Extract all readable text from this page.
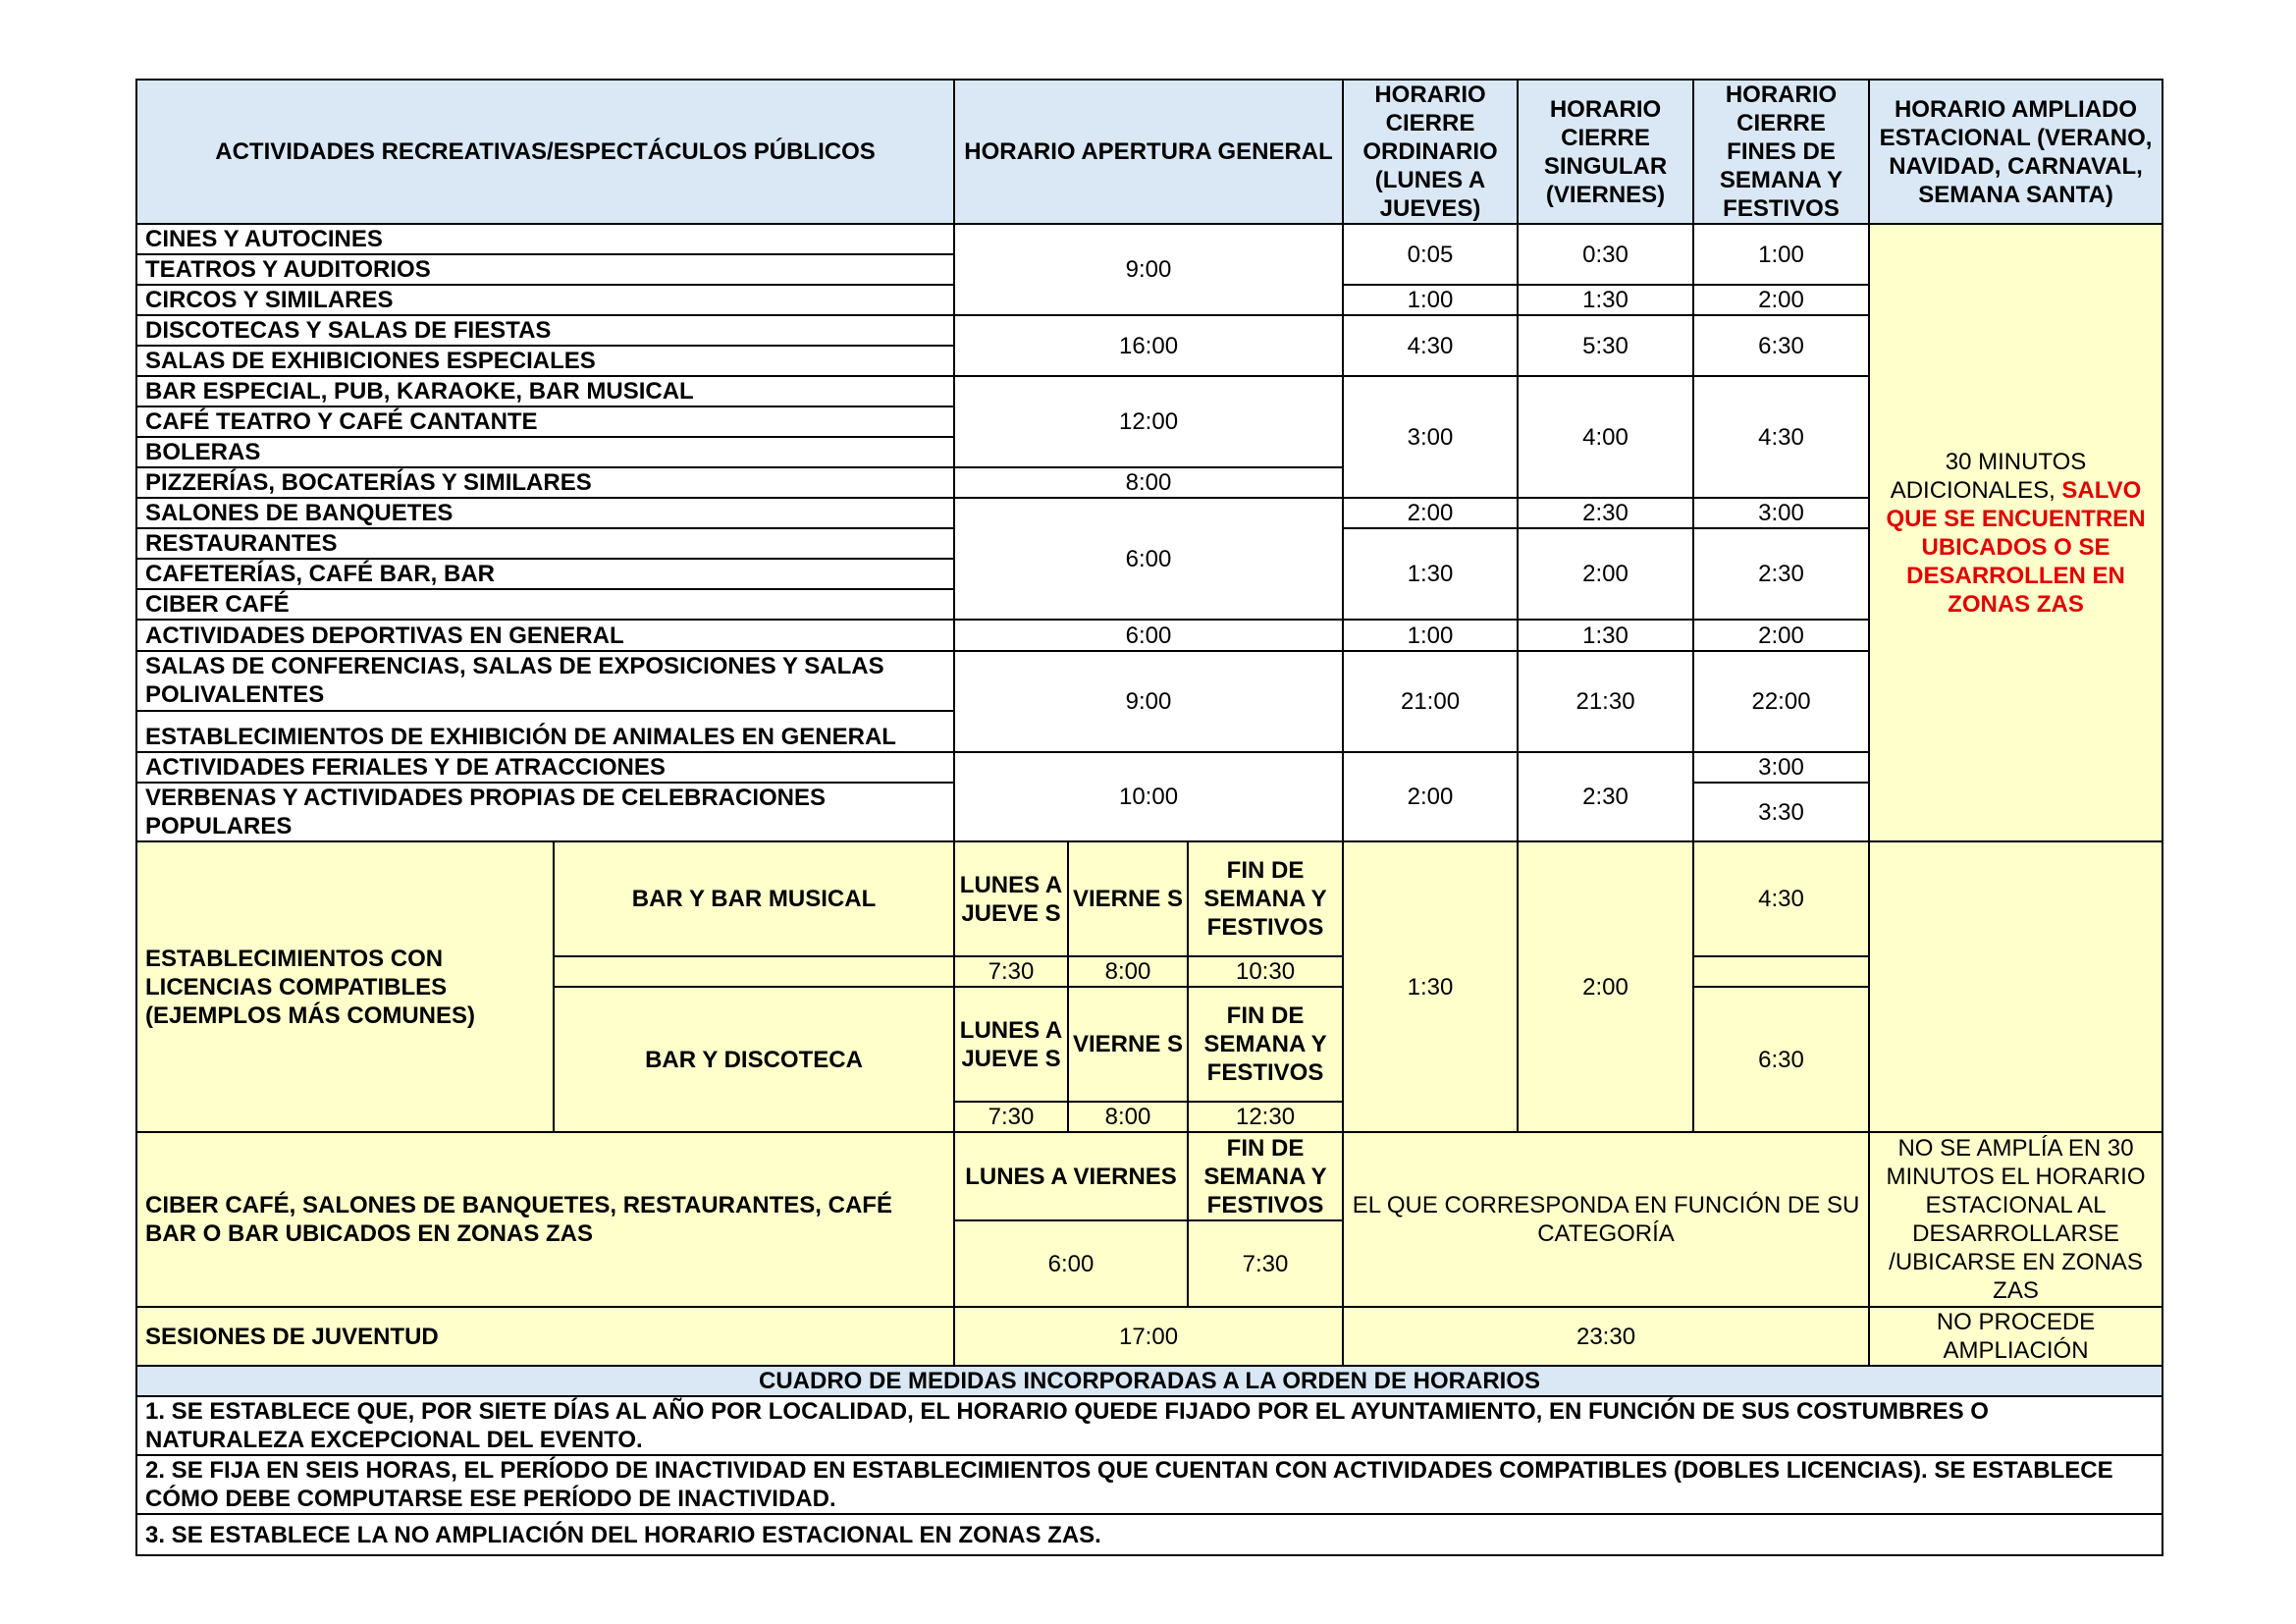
ACTIVIDADES RECREATIVAS/ESPECTÁCULOS PÚBLICOS		HORARIO APERTURA GENERAL			HORARIO CIERRE ORDINARIO (LUNES A JUEVES)	HORARIO CIERRE SINGULAR (VIERNES)	HORARIO CIERRE FINES DE SEMANA Y FESTIVOS	HORARIO AMPLIADO ESTACIONAL (VERANO, NAVIDAD, CARNAVAL, SEMANA SANTA)
CINES Y AUTOCINES		9:00			0:05	0:30	1:00	30 MINUTOS ADICIONALES, SALVO QUE SE ENCUENTREN UBICADOS O SE DESARROLLEN EN ZONAS ZAS
TEATROS Y AUDITORIOS								
CIRCOS Y SIMILARES					1:00	1:30	2:00	
DISCOTECAS Y SALAS DE FIESTAS		16:00			4:30	5:30	6:30	
SALAS DE EXHIBICIONES ESPECIALES								
BAR ESPECIAL, PUB, KARAOKE, BAR MUSICAL		12:00			3:00	4:00	4:30	
CAFÉ TEATRO Y CAFÉ CANTANTE								
BOLERAS								
PIZZERÍAS, BOCATERÍAS Y SIMILARES		8:00						
SALONES DE BANQUETES		6:00			2:00	2:30	3:00	
RESTAURANTES					1:30	2:00	2:30	
CAFETERÍAS, CAFÉ BAR, BAR								
CIBER CAFÉ								
ACTIVIDADES DEPORTIVAS EN GENERAL		6:00			1:00	1:30	2:00	
SALAS DE CONFERENCIAS, SALAS DE EXPOSICIONES Y SALAS POLIVALENTES		9:00			21:00	21:30	22:00	
ESTABLECIMIENTOS DE EXHIBICIÓN DE ANIMALES EN GENERAL								
ACTIVIDADES FERIALES Y DE ATRACCIONES		10:00			2:00	2:30	3:00	
VERBENAS Y ACTIVIDADES PROPIAS DE CELEBRACIONES POPULARES							3:30	
ESTABLECIMIENTOS CON LICENCIAS COMPATIBLES (EJEMPLOS MÁS COMUNES)	BAR Y BAR MUSICAL	LUNES A JUEVE S	VIERNE S	FIN DE SEMANA Y FESTIVOS	1:30	2:00	4:30	
		7:30	8:00	10:30				
	BAR Y DISCOTECA	LUNES A JUEVE S	VIERNE S	FIN DE SEMANA Y FESTIVOS			6:30	
		7:30	8:00	12:30				
CIBER CAFÉ, SALONES DE BANQUETES, RESTAURANTES, CAFÉ BAR O BAR UBICADOS EN ZONAS ZAS		LUNES A VIERNES		FIN DE SEMANA Y FESTIVOS	EL QUE CORRESPONDA EN FUNCIÓN DE SU CATEGORÍA			NO SE AMPLÍA EN 30 MINUTOS EL HORARIO ESTACIONAL AL DESARROLLARSE /UBICARSE EN ZONAS ZAS
		6:00		7:30				
SESIONES DE JUVENTUD		17:00			23:30			NO PROCEDE AMPLIACIÓN
CUADRO DE MEDIDAS INCORPORADAS A LA ORDEN DE HORARIOS								
1. SE ESTABLECE QUE, POR SIETE DÍAS AL AÑO POR LOCALIDAD, EL HORARIO QUEDE FIJADO POR EL AYUNTAMIENTO, EN FUNCIÓN DE SUS COSTUMBRES O NATURALEZA EXCEPCIONAL DEL EVENTO.								
2. SE FIJA EN SEIS HORAS, EL PERÍODO DE INACTIVIDAD EN ESTABLECIMIENTOS QUE CUENTAN CON ACTIVIDADES COMPATIBLES (DOBLES LICENCIAS). SE ESTABLECE CÓMO DEBE COMPUTARSE ESE PERÍODO DE INACTIVIDAD.								
3. SE ESTABLECE LA NO AMPLIACIÓN DEL HORARIO ESTACIONAL EN ZONAS ZAS.								
